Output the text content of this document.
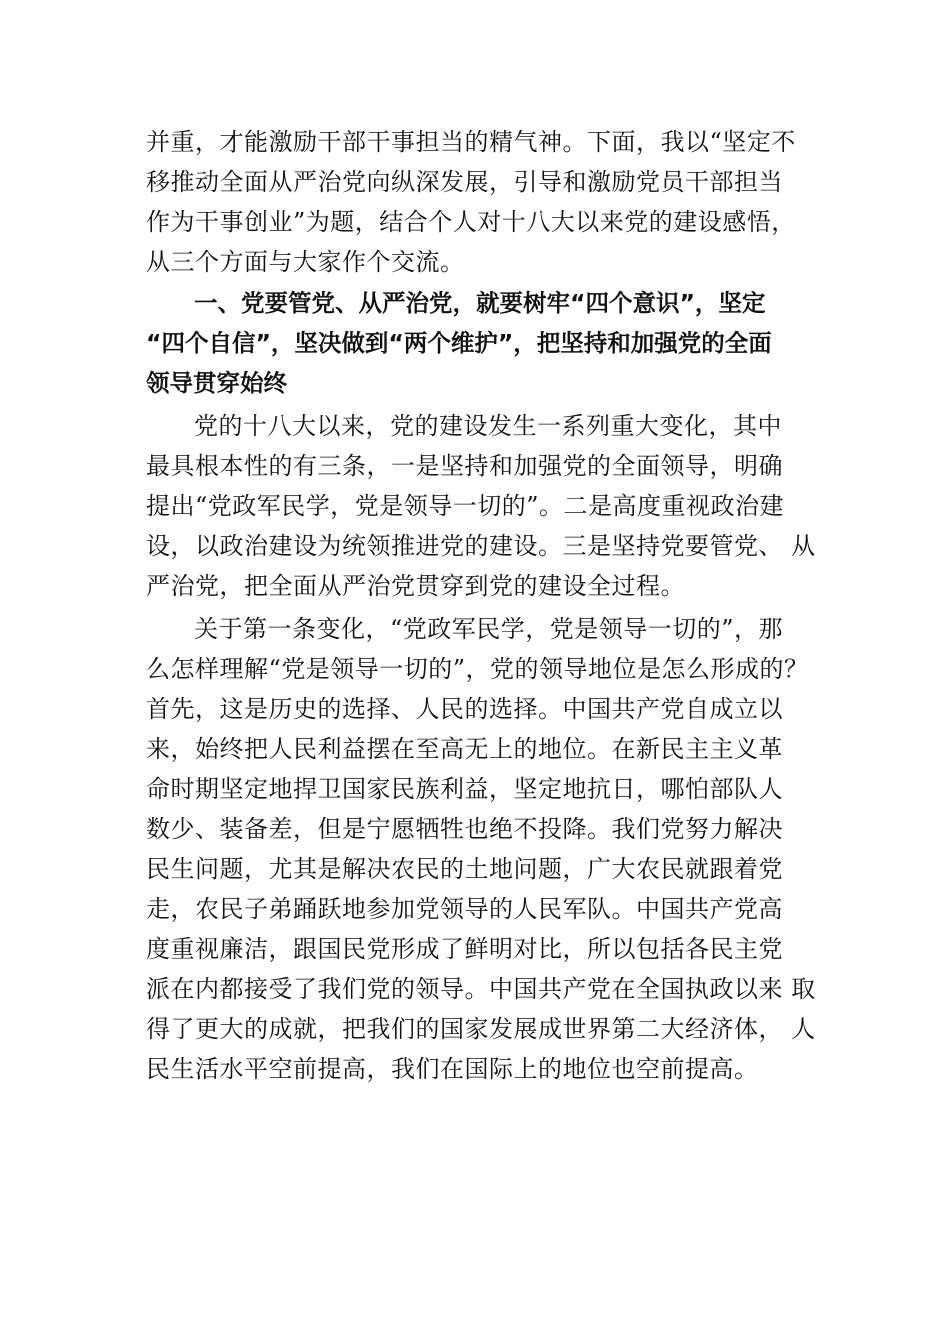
并重，才能激励干部干事担当的精气神。下面，我以“坚定不
移推动全面从严治党向纵深发展，引导和激励党员干部担当
作为干事创业”为题，结合个人对十八大以来党的建设感悟，
从三个方面与大家作个交流。
一、党要管党、从严治党，就要树牢“四个意识”，坚定
“四个自信”，坚决做到“两个维护”，把坚持和加强党的全面
领导贯穿始终
党的十八大以来，党的建设发生一系列重大变化，其中
最具根本性的有三条，一是坚持和加强党的全面领导，明确
提出“党政军民学，党是领导一切的”。二是高度重视政治建
设，以政治建设为统领推进党的建设。三是坚持党要管党、 从
严治党，把全面从严治党贯穿到党的建设全过程。
关于第一条变化，“党政军民学，党是领导一切的”，那
么怎样理解“党是领导一切的”，党的领导地位是怎么形成的？
首先，这是历史的选择、人民的选择。中国共产党自成立以
来，始终把人民利益摆在至高无上的地位。在新民主主义革
命时期坚定地捍卫国家民族利益，坚定地抗日，哪怕部队人
数少、装备差，但是宁愿牺牲也绝不投降。我们党努力解决
民生问题，尤其是解决农民的土地问题，广大农民就跟着党
走，农民子弟踊跃地参加党领导的人民军队。中国共产党高
度重视廉洁，跟国民党形成了鲜明对比，所以包括各民主党
派在内都接受了我们党的领导。中国共产党在全国执政以来 取
得了更大的成就，把我们的国家发展成世界第二大经济体， 人
民生活水平空前提高，我们在国际上的地位也空前提高。
